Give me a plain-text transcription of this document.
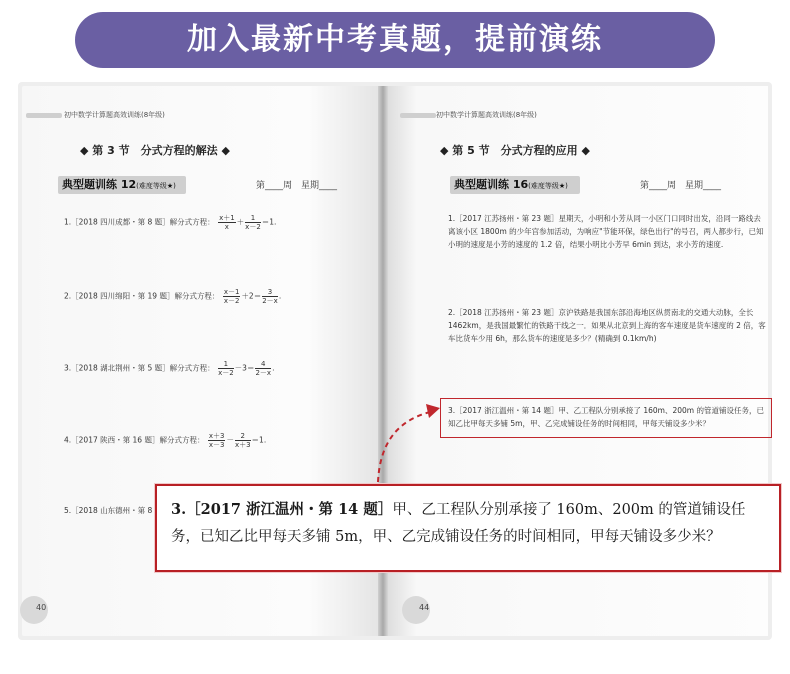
加入最新中考真题，提前演练
初中数学计算题高效训练(8年级)
◆ 第 3 节　分式方程的解法 ◆
典型题训练 12(难度等级★)	第____周　星期____
1.［2018 四川成都・第 8 题］解分式方程： $\frac{x+1}{x} + \frac{1}{x-2} =1$.
2.［2018 四川绵阳・第 19 题］解分式方程： $\frac{x-1}{x-2} +2= \frac{3}{2-x}$ .
3.［2018 湖北荆州・第 5 题］解分式方程： $\frac{1}{x-2} -3= \frac{4}{2-x}$ .
4.［2017 陕西・第 16 题］解分式方程： $\frac{x+3}{x-3} - \frac{2}{x+3} =1$.
5.［2018 山东德州・第 8
40
初中数学计算题高效训练(8年级)
◆ 第 5 节　分式方程的应用 ◆
典型题训练 16(难度等级★)	第____周　星期____
1.［2017 江苏扬州・第 23 题］星期天，小明和小芳从同一小区门口同时出发，沿同一路线去离该小区 1800m 的少年宫参加活动，为响应"节能环保，绿色出行"的号召，两人都步行，已知小明的速度是小芳的速度的 1.2 倍，结果小明比小芳早 6min 到达，求小芳的速度.
2.［2018 江苏扬州・第 23 题］京沪铁路是我国东部沿海地区纵贯南北的交通大动脉，全长 1462km，是我国最繁忙的铁路干线之一．如果从北京到上海的客车速度是货车速度的 2 倍，客车比货车少用 6h，那么货车的速度是多少？(精确到 0.1km/h)
3.［2017 浙江温州・第 14 题］甲、乙工程队分别承接了 160m、200m 的管道铺设任务，已知乙比甲每天多铺 5m，甲、乙完成铺设任务的时间相同，甲每天铺设多少米？
44

3.［2017 浙江温州・第 14 题］甲、乙工程队分别承接了 160m、200m 的管道铺设任务，已知乙比甲每天多铺 5m，甲、乙完成铺设任务的时间相同，甲每天铺设多少米？
